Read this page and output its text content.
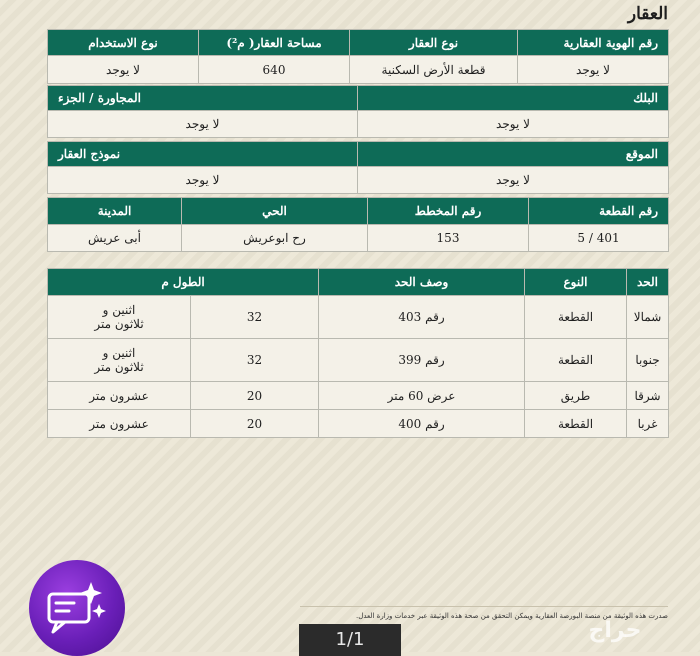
العقار
رقم الهوية العقارية	نوع العقار	مساحة العقار( م²)	نوع الاستخدام
لا يوجد	قطعة الأرض السكنية	640	لا يوجد
البلك	المجاورة / الجزء
لا يوجد	لا يوجد
الموقع	نموذج العقار
لا يوجد	لا يوجد
رقم القطعة	رقم المخطط	الحي	المدينة
401 / 5	153	رح ابوعريش	أبى عريش
الحد	النوع	وصف الحد	الطول م	
شمالا	القطعة	رقم 403	32	اثنين و ثلاثون متر
جنوبا	القطعة	رقم 399	32	اثنين و ثلاثون متر
شرقا	طريق	عرض 60 متر	20	عشرون متر
غربا	القطعة	رقم 400	20	عشرون متر
صدرت هذه الوثيقة من منصة البورصة العقارية ويمكن التحقق من صحة هذه الوثيقة عبر خدمات وزارة العدل.
1/1	حراج
